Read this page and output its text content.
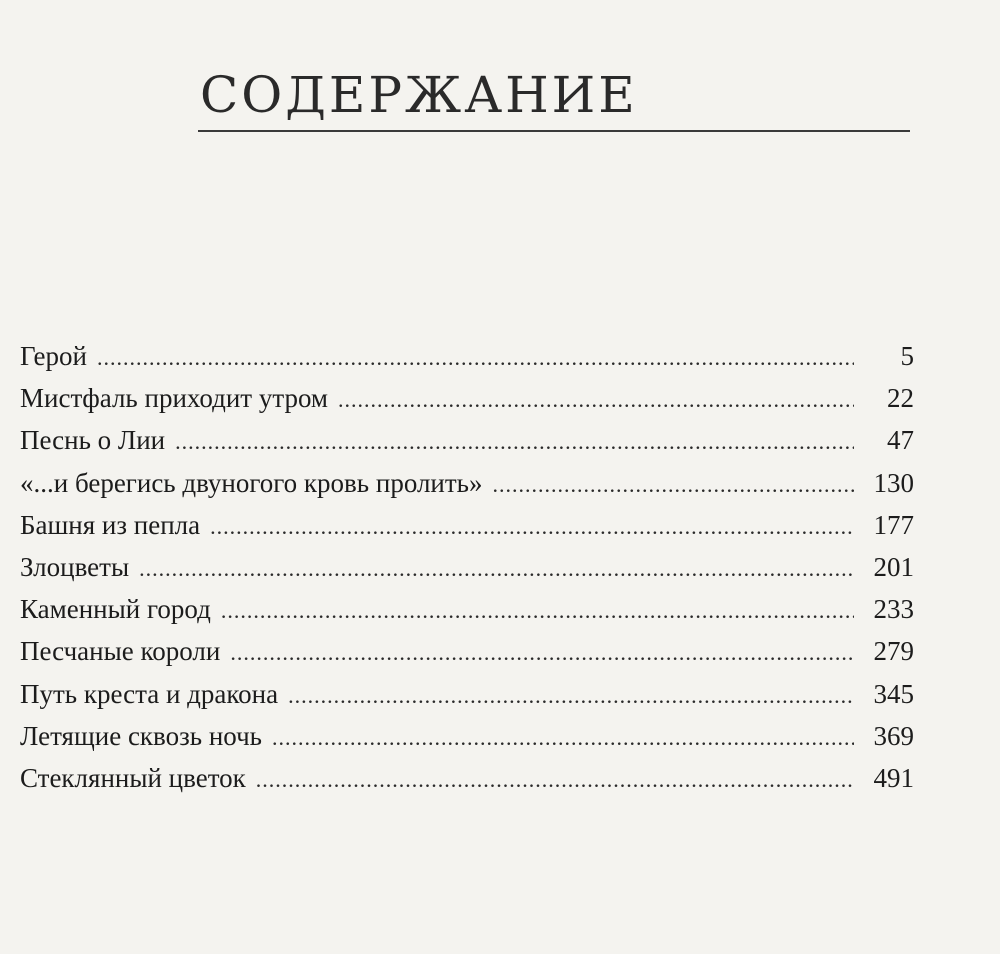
СОДЕРЖАНИЕ
Герой .....	5
Мистфаль приходит утром .....	22
Песнь о Лии .....	47
«...и берегись двуногого кровь пролить» .....	130
Башня из пепла .....	177
Злоцветы .....	201
Каменный город .....	233
Песчаные короли .....	279
Путь креста и дракона .....	345
Летящие сквозь ночь .....	369
Стеклянный цветок .....	491
